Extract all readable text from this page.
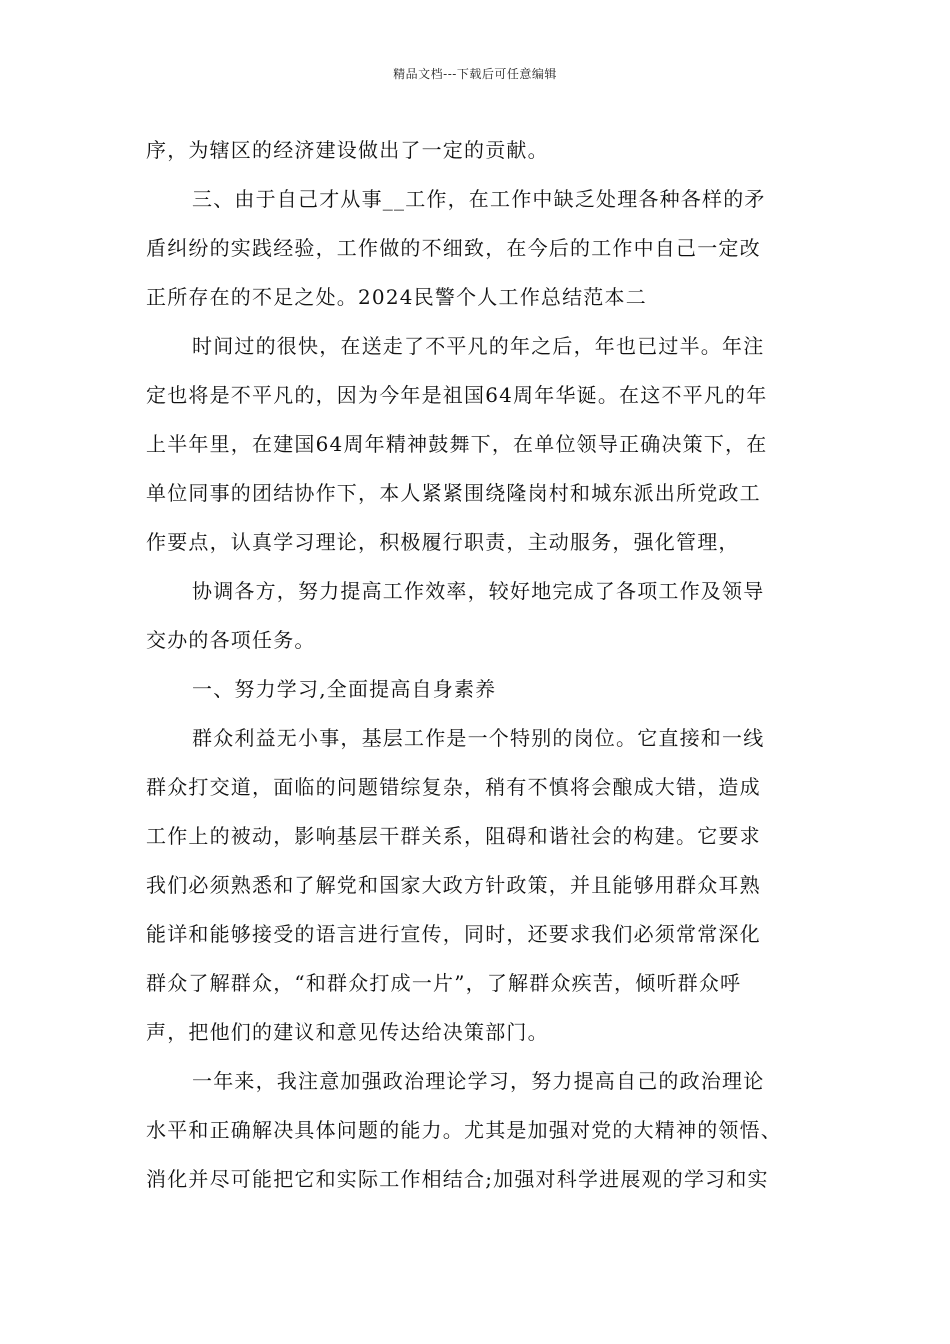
精品文档---下载后可任意编辑
序，为辖区的经济建设做出了一定的贡献。
三、由于自己才从事__工作，在工作中缺乏处理各种各样的矛
盾纠纷的实践经验，工作做的不细致，在今后的工作中自己一定改
正所存在的不足之处。2024民警个人工作总结范本二
时间过的很快，在送走了不平凡的年之后，年也已过半。年注
定也将是不平凡的，因为今年是祖国64周年华诞。在这不平凡的年
上半年里，在建国64周年精神鼓舞下，在单位领导正确决策下，在
单位同事的团结协作下，本人紧紧围绕隆岗村和城东派出所党政工
作要点，认真学习理论，积极履行职责，主动服务，强化管理，
协调各方，努力提高工作效率，较好地完成了各项工作及领导
交办的各项任务。
一、努力学习,全面提高自身素养
群众利益无小事，基层工作是一个特别的岗位。它直接和一线
群众打交道，面临的问题错综复杂，稍有不慎将会酿成大错，造成
工作上的被动，影响基层干群关系，阻碍和谐社会的构建。它要求
我们必须熟悉和了解党和国家大政方针政策，并且能够用群众耳熟
能详和能够接受的语言进行宣传，同时，还要求我们必须常常深化
群众了解群众，“和群众打成一片”，了解群众疾苦，倾听群众呼
声，把他们的建议和意见传达给决策部门。
一年来，我注意加强政治理论学习，努力提高自己的政治理论
水平和正确解决具体问题的能力。尤其是加强对党的大精神的领悟、
消化并尽可能把它和实际工作相结合;加强对科学进展观的学习和实
